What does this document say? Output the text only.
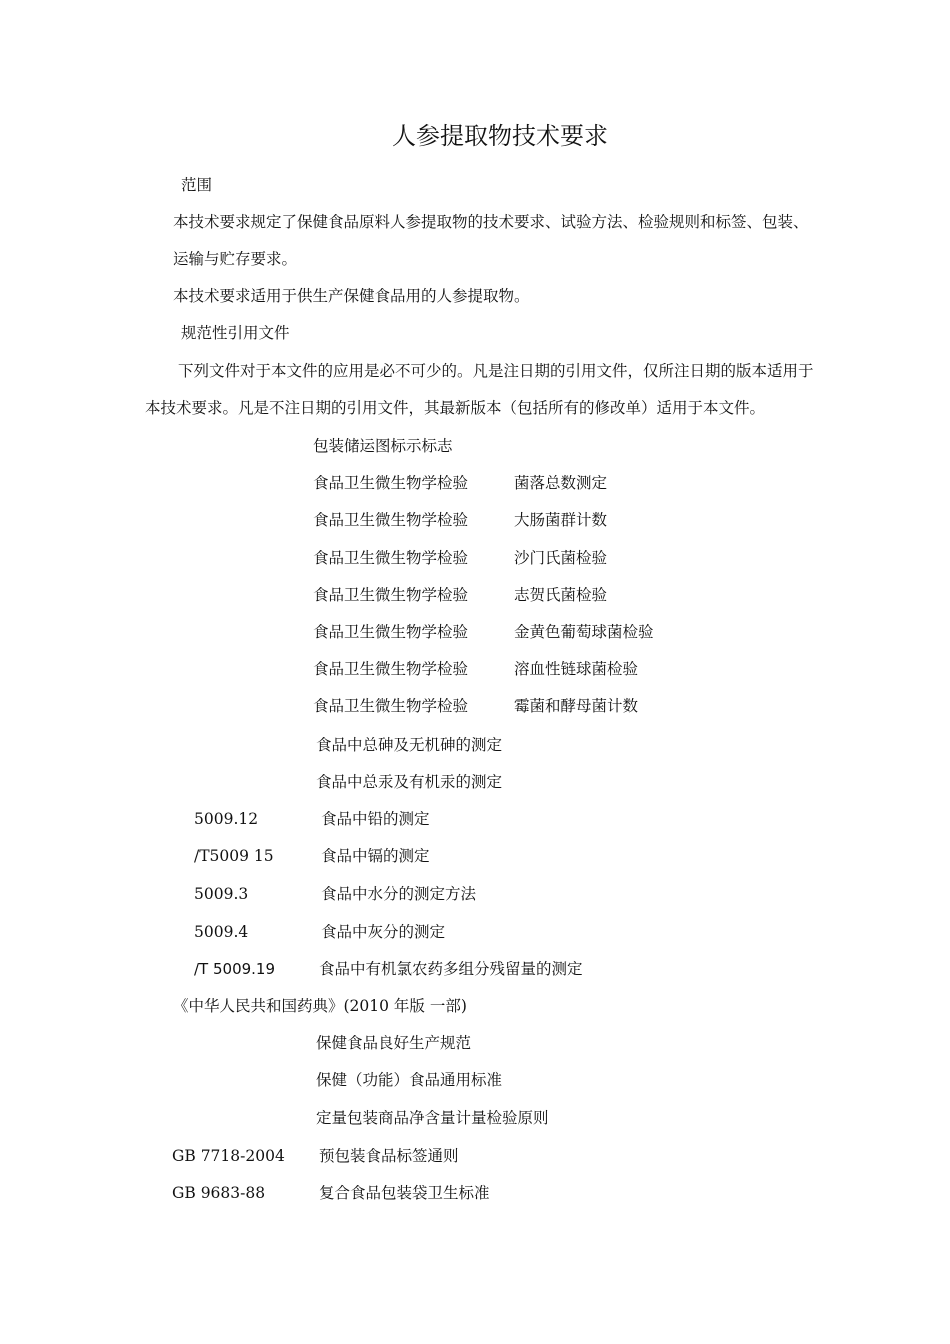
人参提取物技术要求
范围
本技术要求规定了保健食品原料人参提取物的技术要求、试验方法、检验规则和标签、包装、
运输与贮存要求。
本技术要求适用于供生产保健食品用的人参提取物。
规范性引用文件
下列文件对于本文件的应用是必不可少的。凡是注日期的引用文件，仅所注日期的版本适用于
本技术要求。凡是不注日期的引用文件，其最新版本（包括所有的修改单）适用于本文件。
包装储运图标示标志
食品卫生微生物学检验	菌落总数测定
食品卫生微生物学检验	大肠菌群计数
食品卫生微生物学检验	沙门氏菌检验
食品卫生微生物学检验	志贺氏菌检验
食品卫生微生物学检验	金黄色葡萄球菌检验
食品卫生微生物学检验	溶血性链球菌检验
食品卫生微生物学检验	霉菌和酵母菌计数
食品中总砷及无机砷的测定
食品中总汞及有机汞的测定
5009.12	食品中铅的测定
/T5009 15	食品中镉的测定
5009.3	食品中水分的测定方法
5009.4	食品中灰分的测定
/T 5009.19	食品中有机氯农药多组分残留量的测定
《中华人民共和国药典》(2010 年版 一部)
保健食品良好生产规范
保健（功能）食品通用标准
定量包装商品净含量计量检验原则
GB 7718-2004 预包装食品标签通则
GB 9683-88	复合食品包装袋卫生标准
